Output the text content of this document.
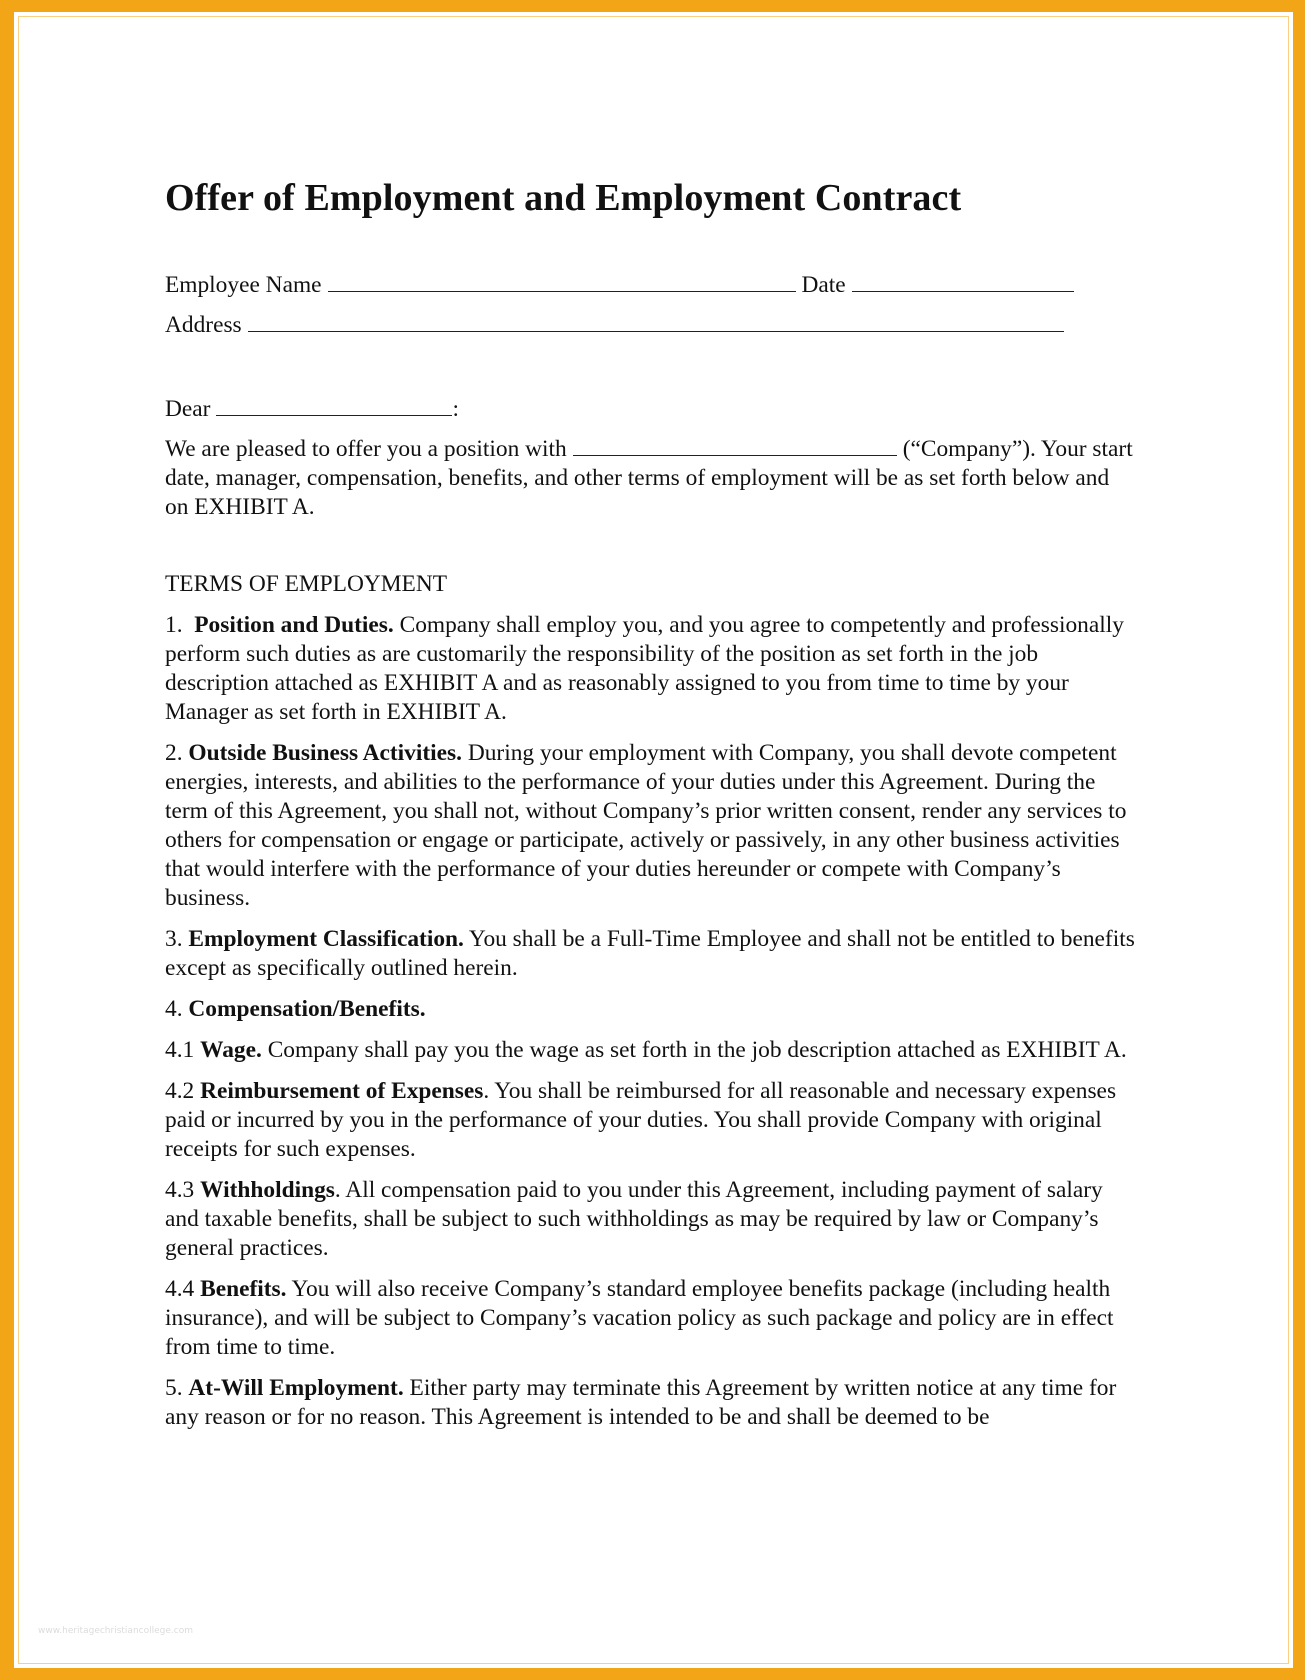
Offer of Employment and Employment Contract
Employee Name	Date
Address
Dear	:

We are pleased to offer you a position with	(“Company”). Your start date, manager, compensation, benefits, and other terms of employment will be as set forth below and on EXHIBIT A.

TERMS OF EMPLOYMENT

1. Position and Duties. Company shall employ you, and you agree to competently and professionally perform such duties as are customarily the responsibility of the position as set forth in the job description attached as EXHIBIT A and as reasonably assigned to you from time to time by your Manager as set forth in EXHIBIT A.

2. Outside Business Activities. During your employment with Company, you shall devote competent energies, interests, and abilities to the performance of your duties under this Agreement. During the term of this Agreement, you shall not, without Company’s prior written consent, render any services to others for compensation or engage or participate, actively or passively, in any other business activities that would interfere with the performance of your duties hereunder or compete with Company’s business.

3. Employment Classification. You shall be a Full-Time Employee and shall not be entitled to benefits except as specifically outlined herein.

4. Compensation/Benefits.

4.1 Wage. Company shall pay you the wage as set forth in the job description attached as EXHIBIT A.

4.2 Reimbursement of Expenses. You shall be reimbursed for all reasonable and necessary expenses paid or incurred by you in the performance of your duties. You shall provide Company with original receipts for such expenses.

4.3 Withholdings. All compensation paid to you under this Agreement, including payment of salary and taxable benefits, shall be subject to such withholdings as may be required by law or Company’s general practices.

4.4 Benefits. You will also receive Company’s standard employee benefits package (including health insurance), and will be subject to Company’s vacation policy as such package and policy are in effect from time to time.

5. At-Will Employment. Either party may terminate this Agreement by written notice at any time for any reason or for no reason. This Agreement is intended to be and shall be deemed to be

www.heritagechristiancollege.com
